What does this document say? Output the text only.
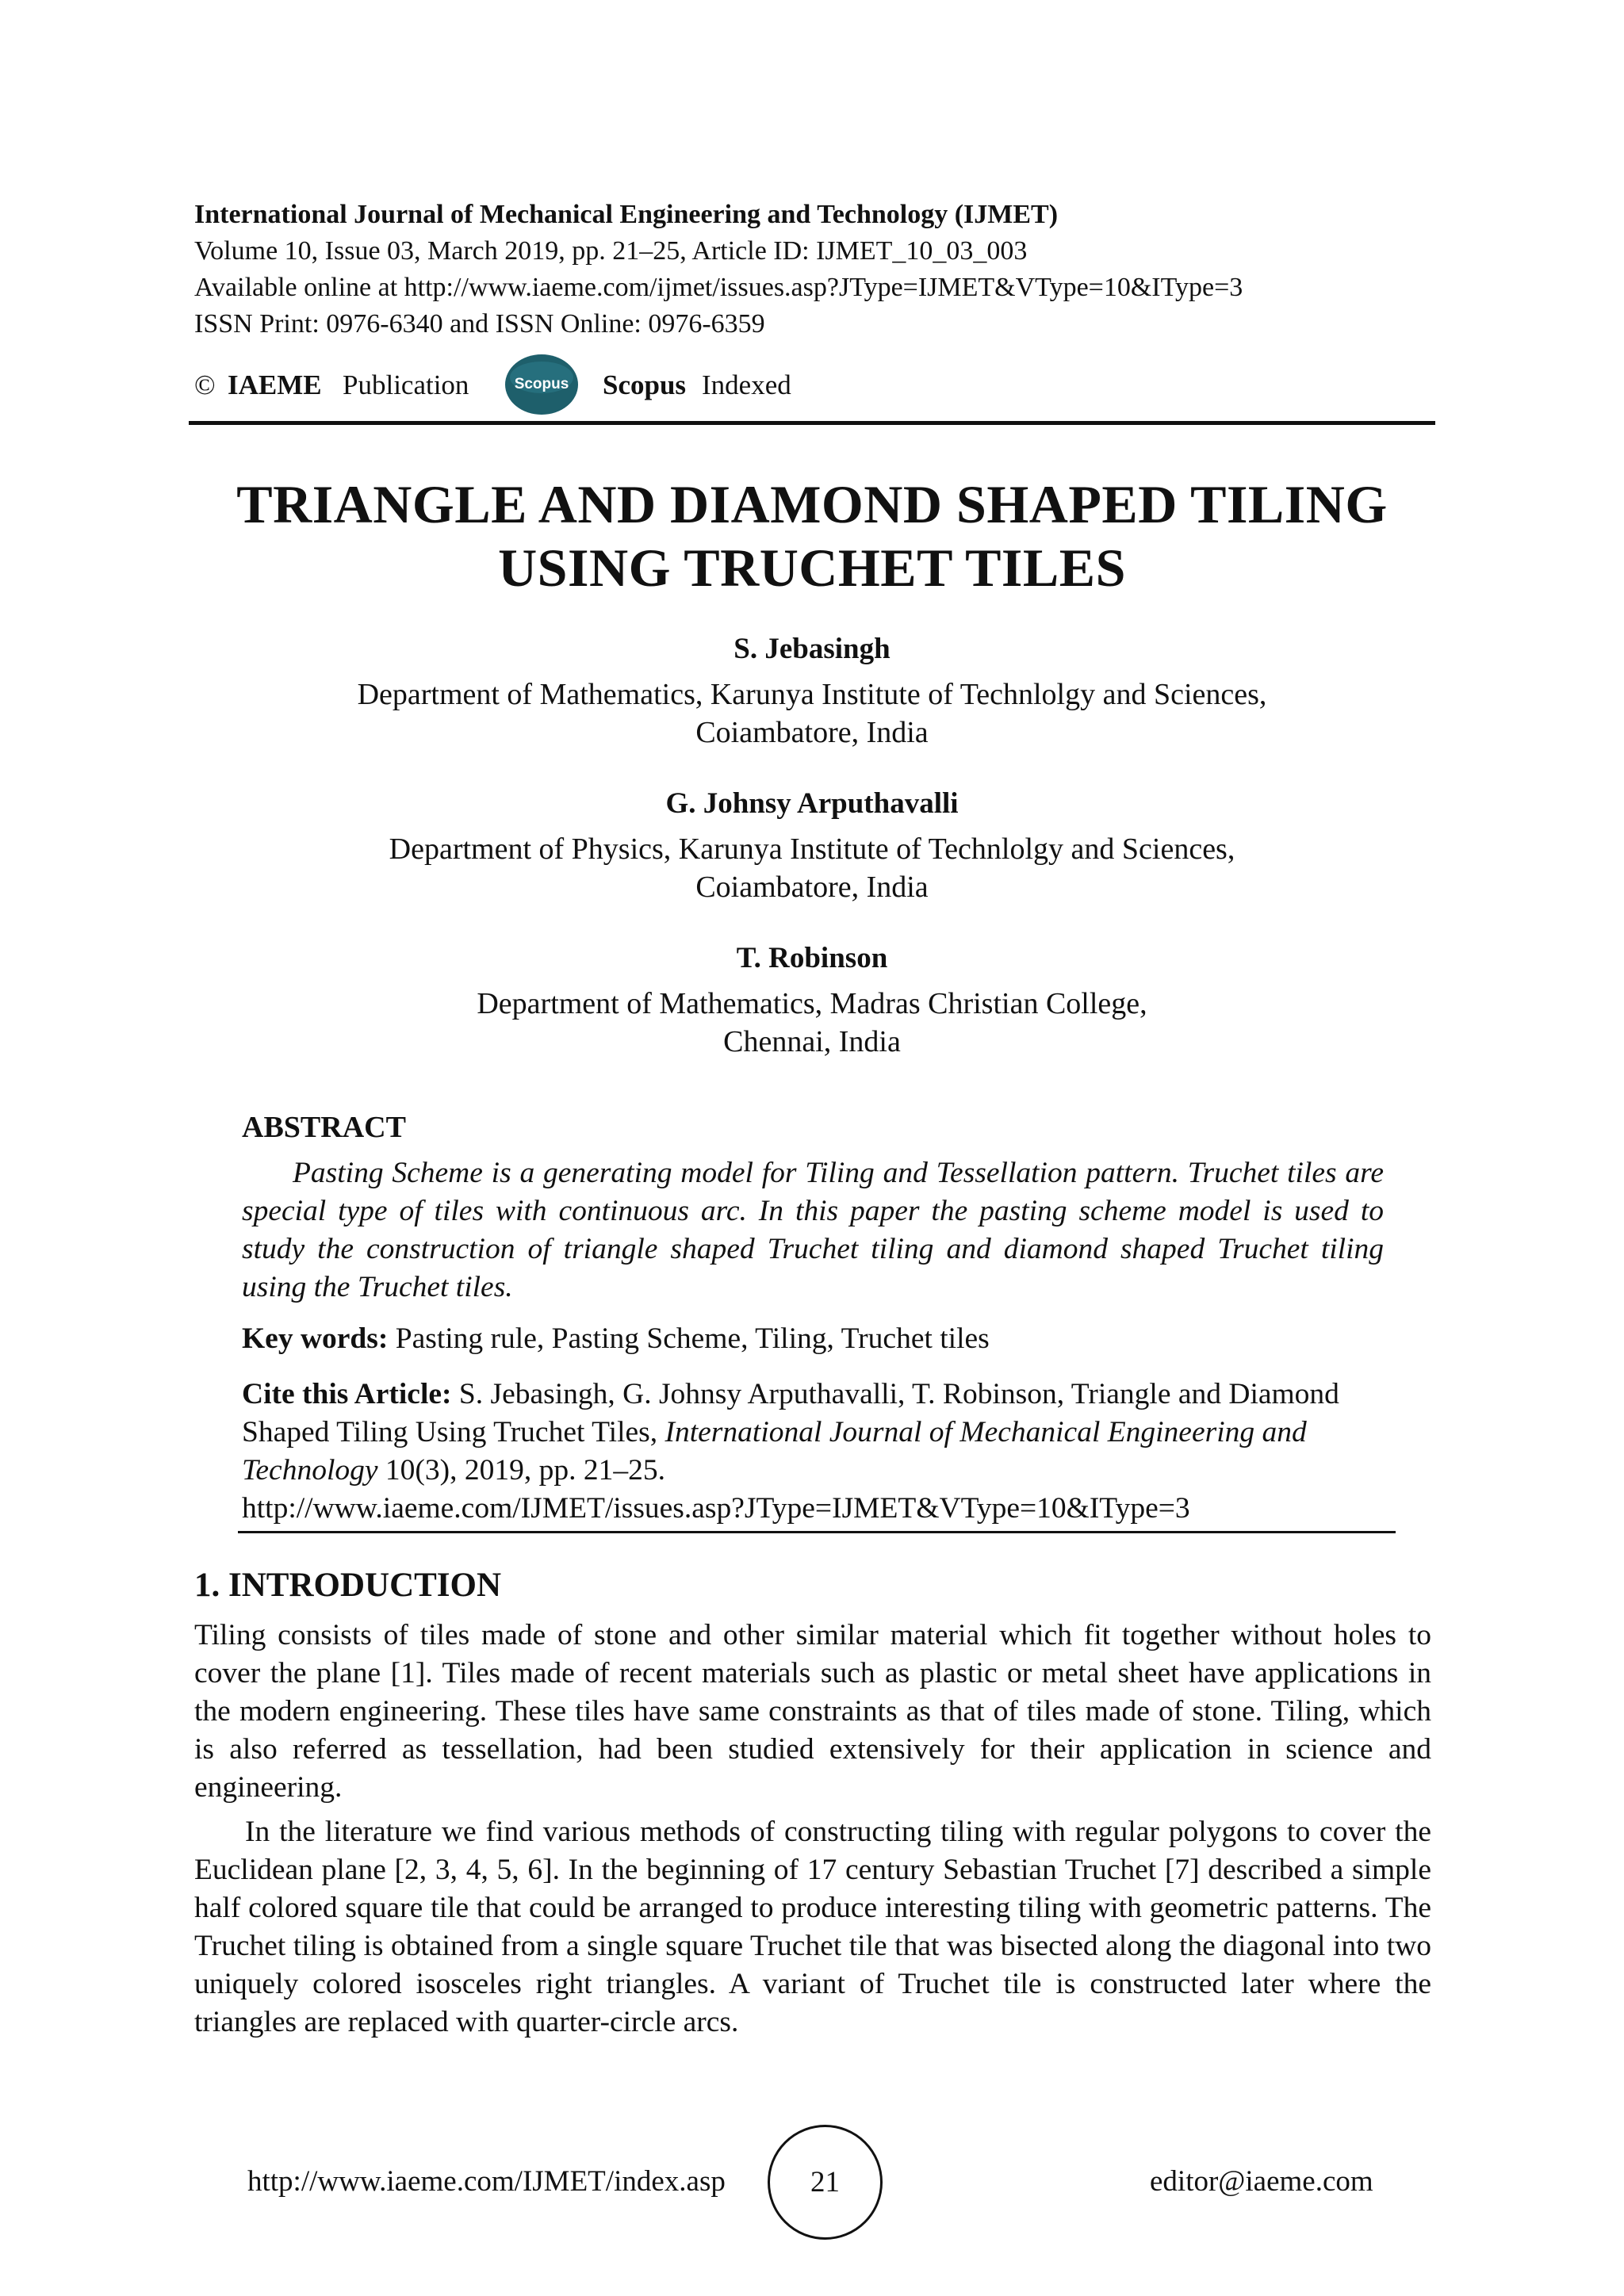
International Journal of Mechanical Engineering and Technology (IJMET)
Volume 10, Issue 03, March 2019, pp. 21–25, Article ID: IJMET_10_03_003
Available online at http://www.iaeme.com/ijmet/issues.asp?JType=IJMET&VType=10&IType=3
ISSN Print: 0976-6340 and ISSN Online: 0976-6359
© IAEME Publication	Scopus Scopus Indexed
TRIANGLE AND DIAMOND SHAPED TILING
USING TRUCHET TILES
S. Jebasingh
Department of Mathematics, Karunya Institute of Technlolgy and Sciences,
Coiambatore, India
G. Johnsy Arputhavalli
Department of Physics, Karunya Institute of Technlolgy and Sciences,
Coiambatore, India
T. Robinson
Department of Mathematics, Madras Christian College,
Chennai, India
ABSTRACT
Pasting Scheme is a generating model for Tiling and Tessellation pattern. Truchet tiles are special type of tiles with continuous arc. In this paper the pasting scheme model is used to study the construction of triangle shaped Truchet tiling and diamond shaped Truchet tiling using the Truchet tiles.
Key words: Pasting rule, Pasting Scheme, Tiling, Truchet tiles
Cite this Article: S. Jebasingh, G. Johnsy Arputhavalli, T. Robinson, Triangle and Diamond Shaped Tiling Using Truchet Tiles, International Journal of Mechanical Engineering and Technology 10(3), 2019, pp. 21–25.
http://www.iaeme.com/IJMET/issues.asp?JType=IJMET&VType=10&IType=3
1. INTRODUCTION
Tiling consists of tiles made of stone and other similar material which fit together without holes to cover the plane [1]. Tiles made of recent materials such as plastic or metal sheet have applications in the modern engineering. These tiles have same constraints as that of tiles made of stone. Tiling, which is also referred as tessellation, had been studied extensively for their application in science and engineering.
In the literature we find various methods of constructing tiling with regular polygons to cover the Euclidean plane [2, 3, 4, 5, 6]. In the beginning of 17 century Sebastian Truchet [7] described a simple half colored square tile that could be arranged to produce interesting tiling with geometric patterns. The Truchet tiling is obtained from a single square Truchet tile that was bisected along the diagonal into two uniquely colored isosceles right triangles. A variant of Truchet tile is constructed later where the triangles are replaced with quarter-circle arcs.
http://www.iaeme.com/IJMET/index.asp	21	editor@iaeme.com
